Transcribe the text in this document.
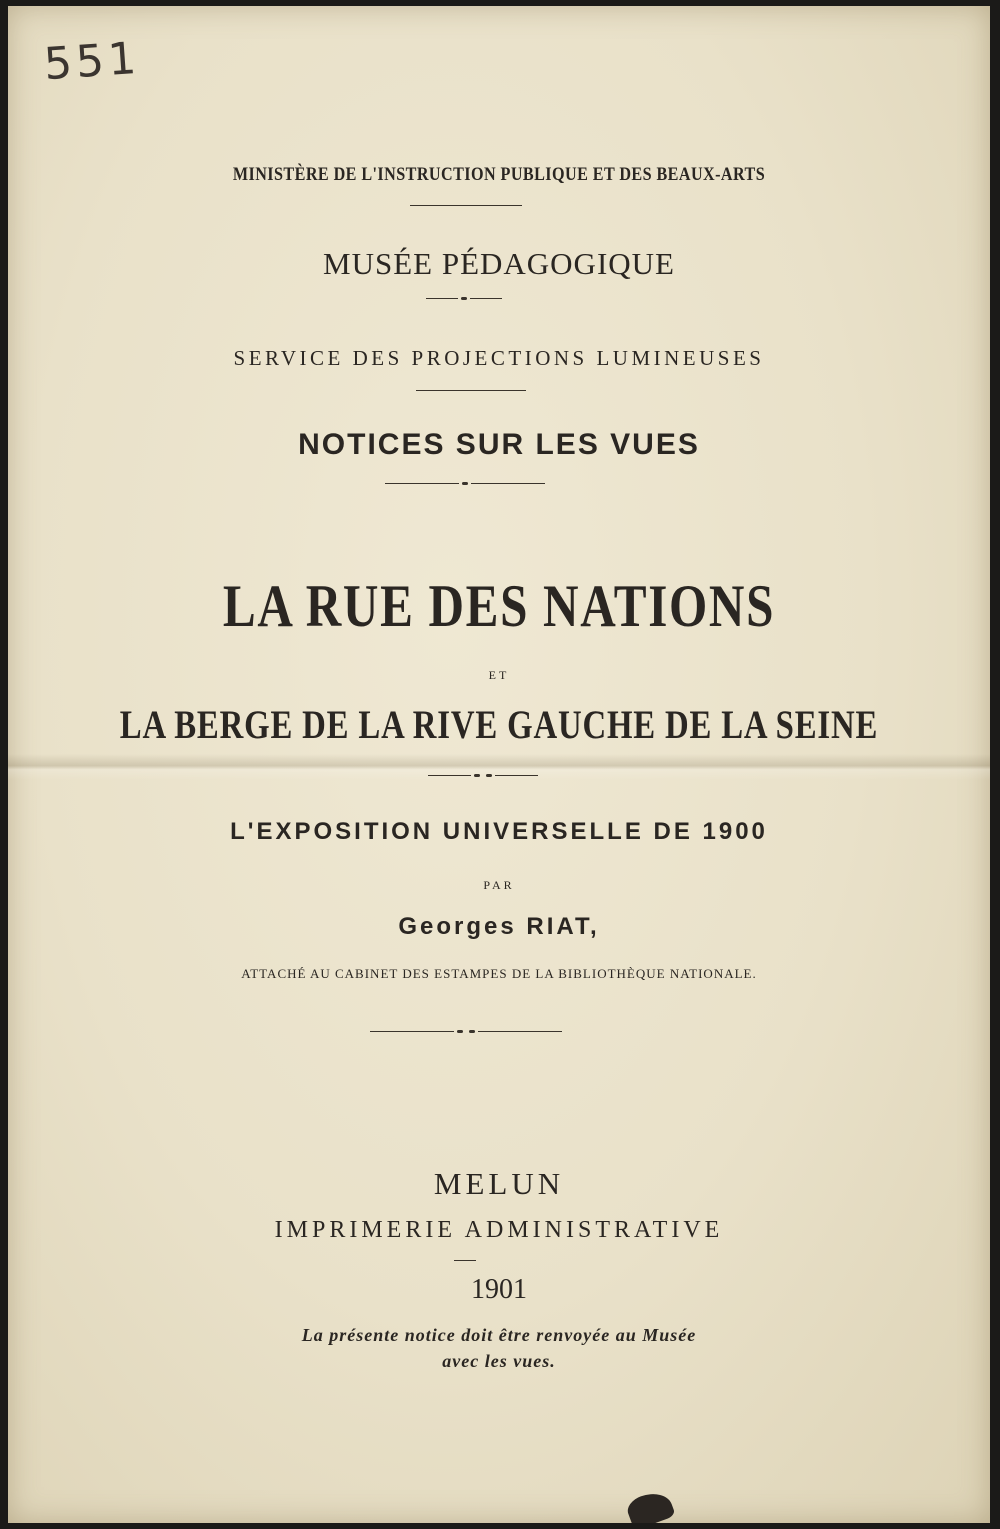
551
MINISTÈRE DE L'INSTRUCTION PUBLIQUE ET DES BEAUX-ARTS
MUSÉE PÉDAGOGIQUE
SERVICE DES PROJECTIONS LUMINEUSES
NOTICES SUR LES VUES
LA RUE DES NATIONS
ET
LA BERGE DE LA RIVE GAUCHE DE LA SEINE
L'EXPOSITION UNIVERSELLE DE 1900
PAR
Georges RIAT,
ATTACHÉ AU CABINET DES ESTAMPES DE LA BIBLIOTHÈQUE NATIONALE.
MELUN
IMPRIMERIE ADMINISTRATIVE
1901
La présente notice doit être renvoyée au Musée
avec les vues.
